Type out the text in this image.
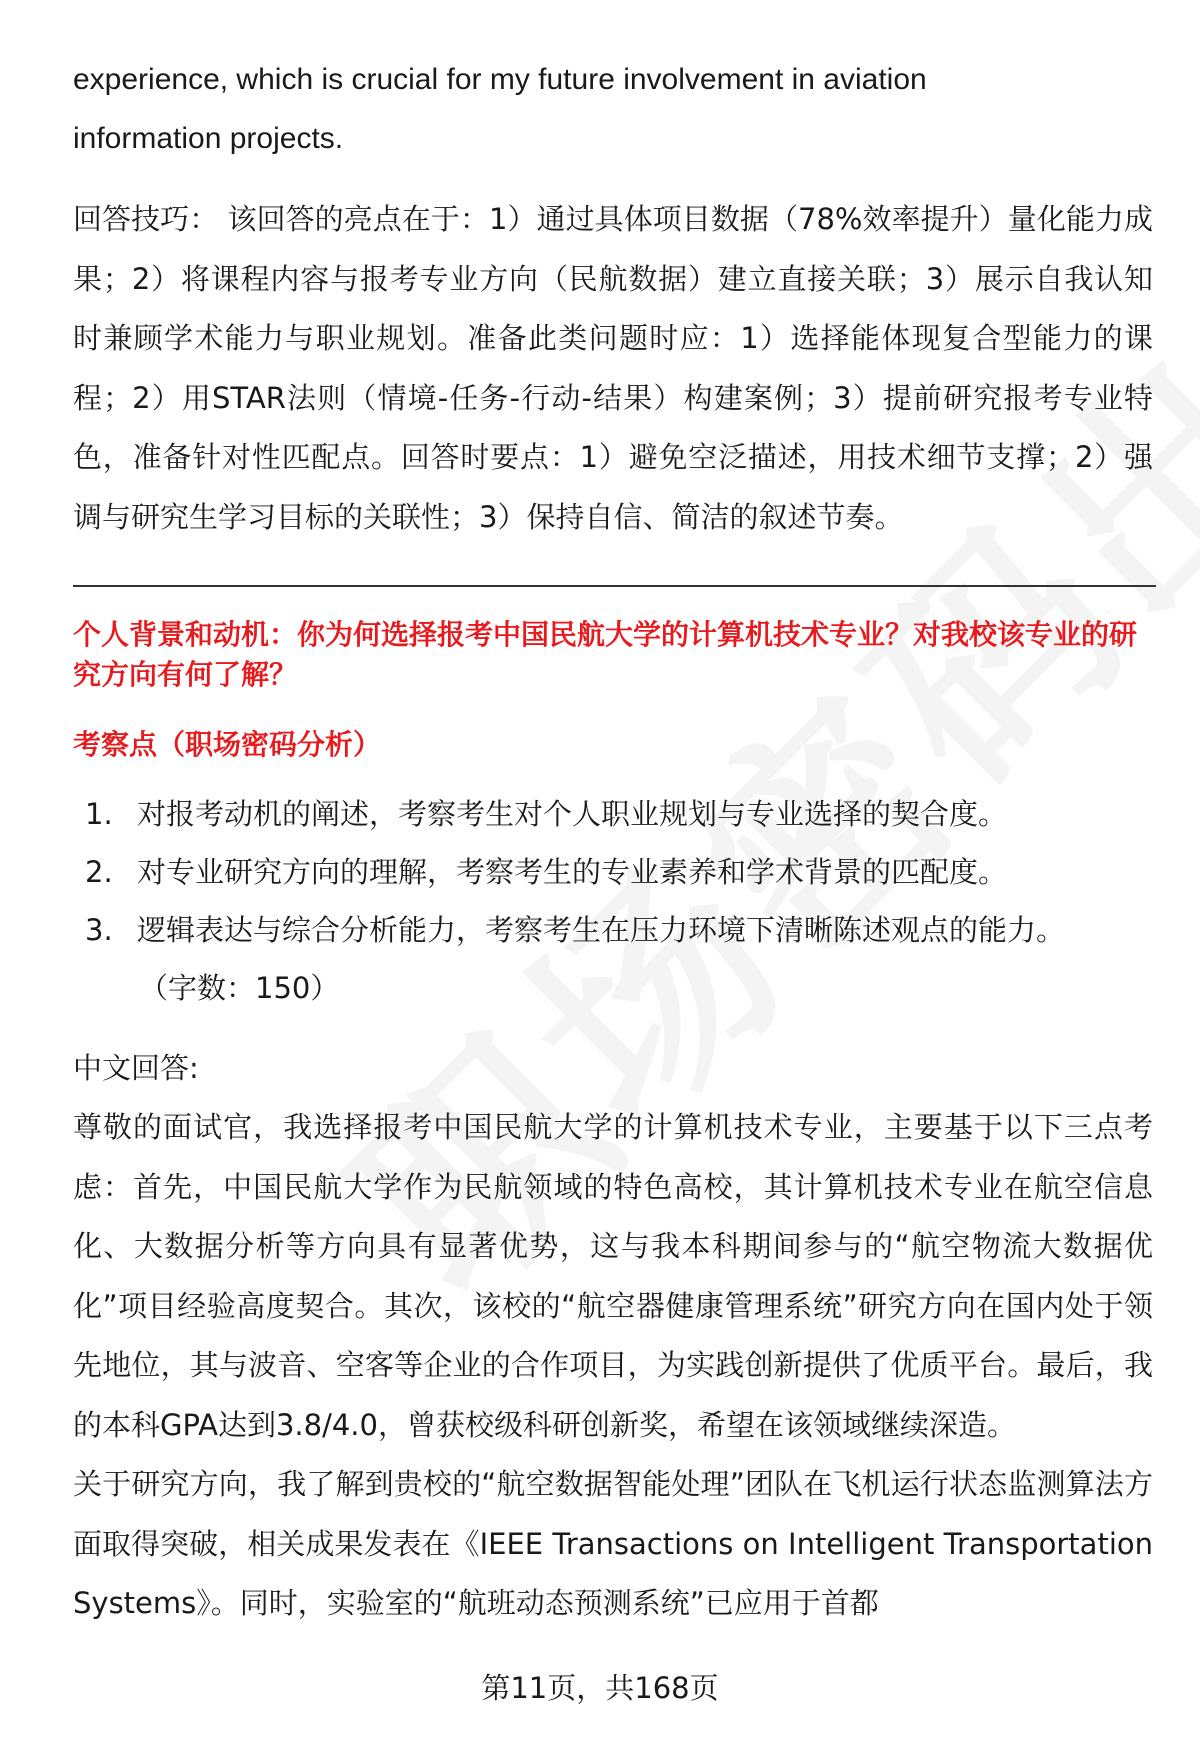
experience, which is crucial for my future involvement in aviation

information projects.

回答技巧： 该回答的亮点在于：1）通过具体项目数据（78%效率提升）量化能力成果；2）将课程内容与报考专业方向（民航数据）建立直接关联；3）展示自我认知时兼顾学术能力与职业规划。准备此类问题时应：1）选择能体现复合型能力的课程；2）用STAR法则（情境-任务-行动-结果）构建案例；3）提前研究报考专业特色，准备针对性匹配点。回答时要点：1）避免空泛描述，用技术细节支撑；2）强调与研究生学习目标的关联性；3）保持自信、简洁的叙述节奏。

个人背景和动机：你为何选择报考中国民航大学的计算机技术专业？对我校该专业的研究方向有何了解？

考察点（职场密码分析）

1. 对报考动机的阐述，考察考生对个人职业规划与专业选择的契合度。
2. 对专业研究方向的理解，考察考生的专业素养和学术背景的匹配度。
3. 逻辑表达与综合分析能力，考察考生在压力环境下清晰陈述观点的能力。

（字数：150）

中文回答:

尊敬的面试官，我选择报考中国民航大学的计算机技术专业，主要基于以下三点考虑：首先，中国民航大学作为民航领域的特色高校，其计算机技术专业在航空信息化、大数据分析等方向具有显著优势，这与我本科期间参与的“航空物流大数据优化”项目经验高度契合。其次，该校的“航空器健康管理系统”研究方向在国内处于领先地位，其与波音、空客等企业的合作项目，为实践创新提供了优质平台。最后，我的本科GPA达到3.8/4.0，曾获校级科研创新奖，希望在该领域继续深造。

关于研究方向，我了解到贵校的“航空数据智能处理”团队在飞机运行状态监测算法方面取得突破，相关成果发表在《IEEE Transactions on Intelligent Transportation Systems》。同时，实验室的“航班动态预测系统”已应用于首都

第11页，共168页
